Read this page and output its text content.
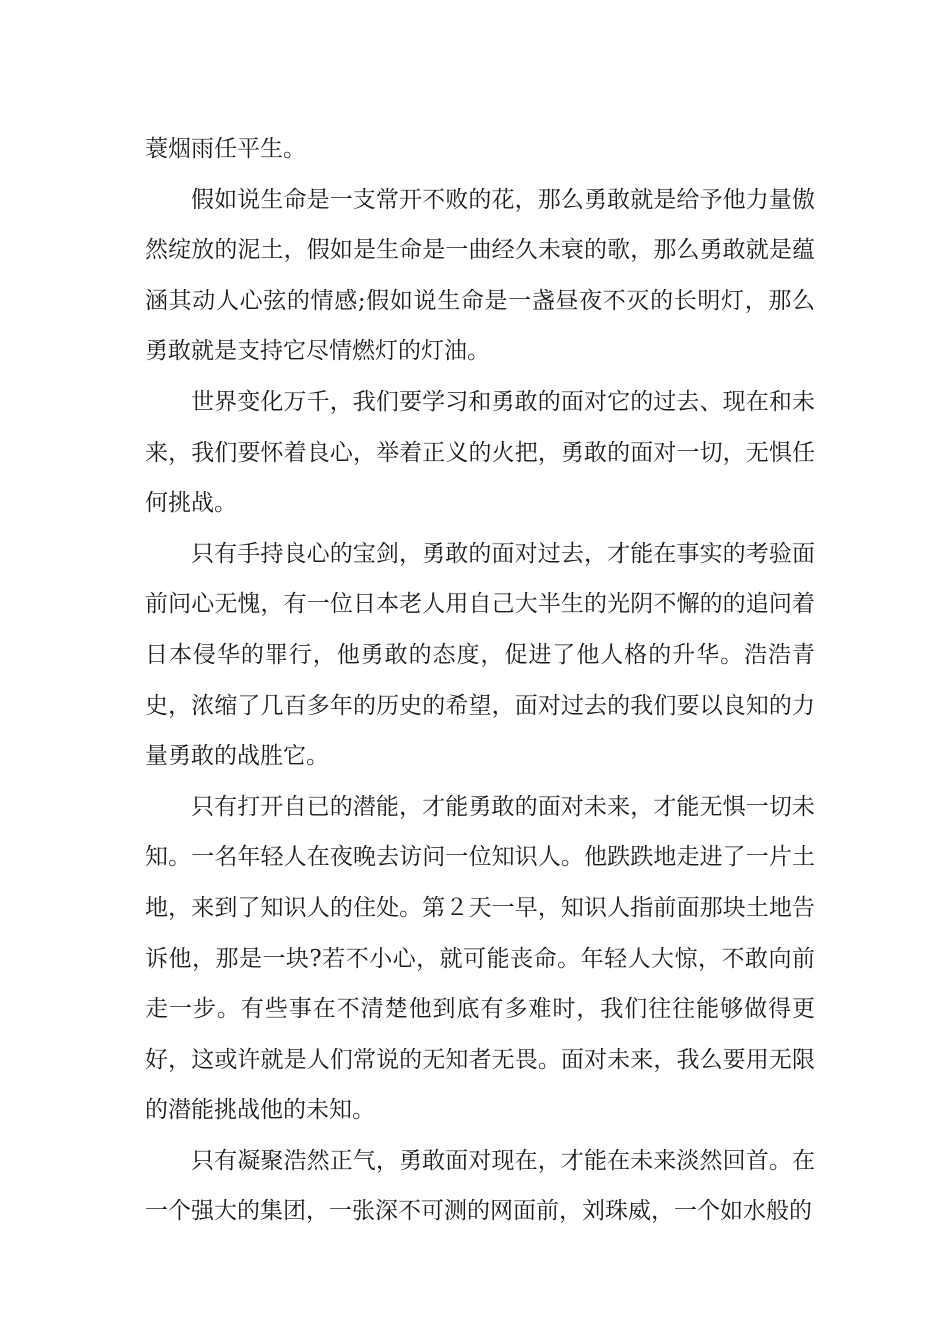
蓑烟雨任平生。

假如说生命是一支常开不败的花，那么勇敢就是给予他力量傲然绽放的泥土，假如是生命是一曲经久未衰的歌，那么勇敢就是蕴涵其动人心弦的情感;假如说生命是一盏昼夜不灭的长明灯，那么勇敢就是支持它尽情燃灯的灯油。

世界变化万千，我们要学习和勇敢的面对它的过去、现在和未来，我们要怀着良心，举着正义的火把，勇敢的面对一切，无惧任何挑战。

只有手持良心的宝剑，勇敢的面对过去，才能在事实的考验面前问心无愧，有一位日本老人用自己大半生的光阴不懈的的追问着日本侵华的罪行，他勇敢的态度，促进了他人格的升华。浩浩青史，浓缩了几百多年的历史的希望，面对过去的我们要以良知的力量勇敢的战胜它。

只有打开自已的潜能，才能勇敢的面对未来，才能无惧一切未知。一名年轻人在夜晚去访问一位知识人。他跌跌地走进了一片土地，来到了知识人的住处。第２天一早，知识人指前面那块土地告诉他，那是一块?若不小心，就可能丧命。年轻人大惊，不敢向前走一步。有些事在不清楚他到底有多难时，我们往往能够做得更好，这或许就是人们常说的无知者无畏。面对未来，我么要用无限的潜能挑战他的未知。

只有凝聚浩然正气，勇敢面对现在，才能在未来淡然回首。在一个强大的集团，一张深不可测的网面前，刘珠威，一个如水般的
